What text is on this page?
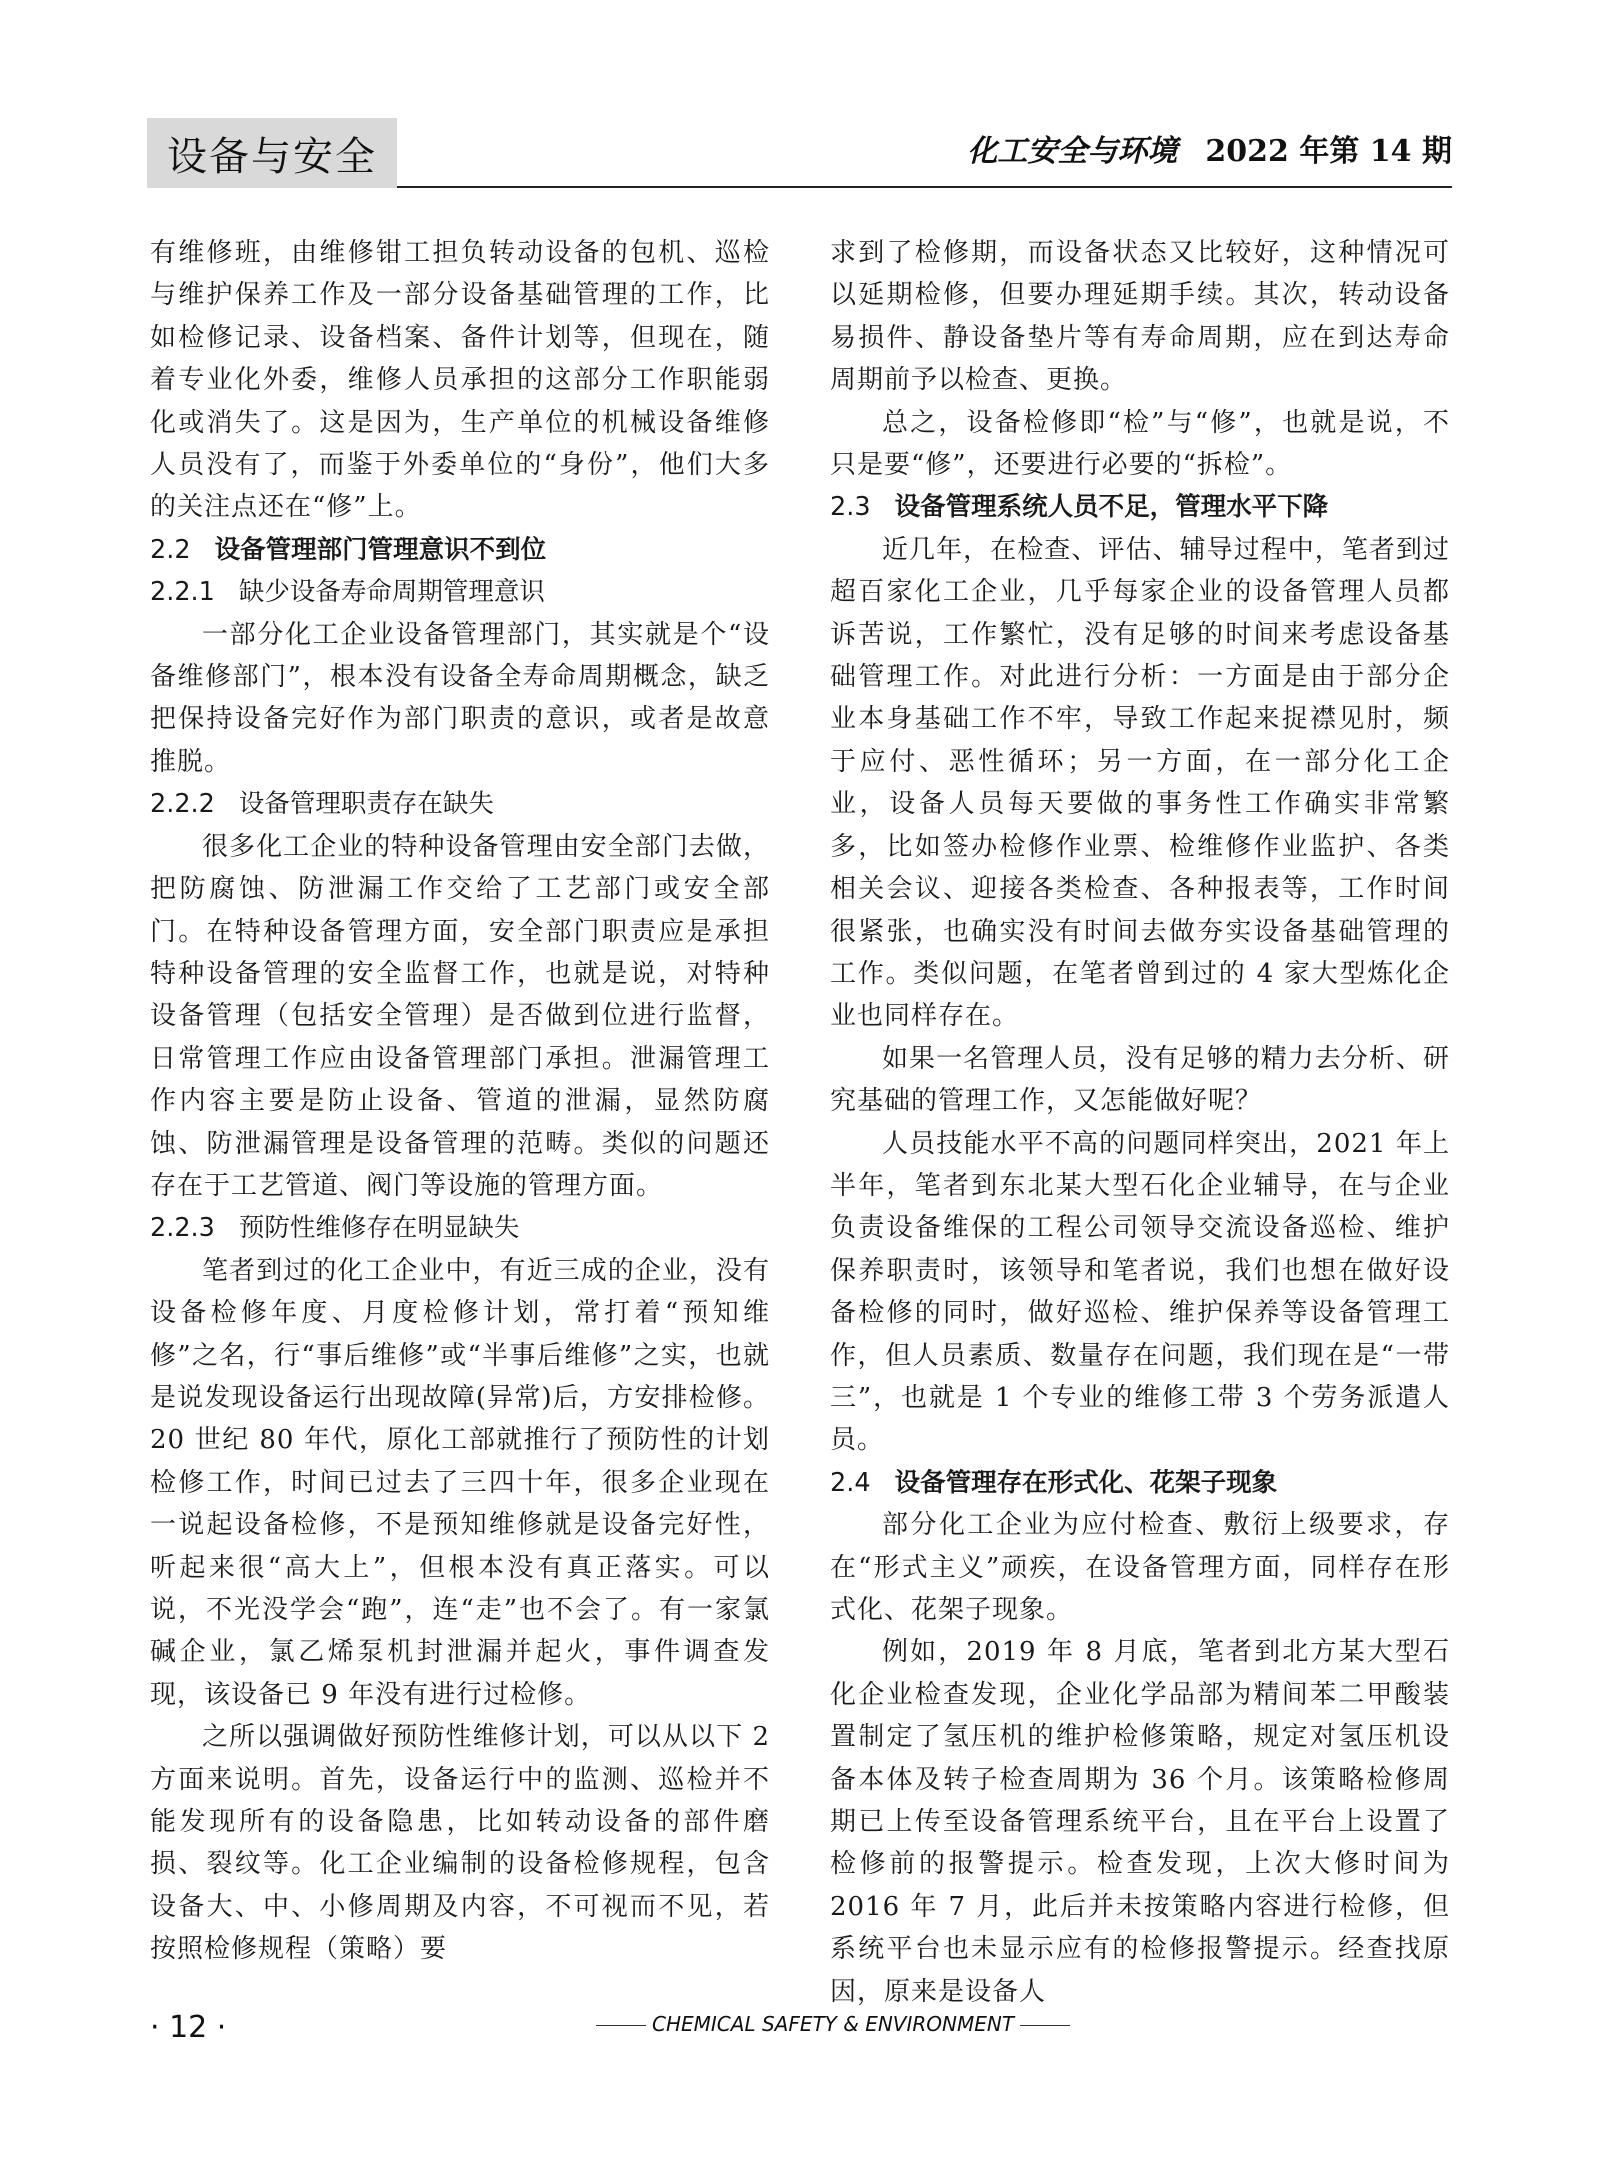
设备与安全	化工安全与环境 2022 年第 14 期

有维修班，由维修钳工担负转动设备的包机、巡检与维护保养工作及一部分设备基础管理的工作，比如检修记录、设备档案、备件计划等，但现在，随着专业化外委，维修人员承担的这部分工作职能弱化或消失了。这是因为，生产单位的机械设备维修人员没有了，而鉴于外委单位的“身份”，他们大多的关注点还在“修”上。

2.2 设备管理部门管理意识不到位
2.2.1 缺少设备寿命周期管理意识

一部分化工企业设备管理部门，其实就是个“设备维修部门”，根本没有设备全寿命周期概念，缺乏把保持设备完好作为部门职责的意识，或者是故意推脱。

2.2.2 设备管理职责存在缺失

很多化工企业的特种设备管理由安全部门去做，把防腐蚀、防泄漏工作交给了工艺部门或安全部门。在特种设备管理方面，安全部门职责应是承担特种设备管理的安全监督工作，也就是说，对特种设备管理（包括安全管理）是否做到位进行监督，日常管理工作应由设备管理部门承担。泄漏管理工作内容主要是防止设备、管道的泄漏，显然防腐蚀、防泄漏管理是设备管理的范畴。类似的问题还存在于工艺管道、阀门等设施的管理方面。

2.2.3 预防性维修存在明显缺失

笔者到过的化工企业中，有近三成的企业，没有设备检修年度、月度检修计划，常打着“预知维修”之名，行“事后维修”或“半事后维修”之实，也就是说发现设备运行出现故障(异常)后，方安排检修。20 世纪 80 年代，原化工部就推行了预防性的计划检修工作，时间已过去了三四十年，很多企业现在一说起设备检修，不是预知维修就是设备完好性，听起来很“高大上”，但根本没有真正落实。可以说，不光没学会“跑”，连“走”也不会了。有一家氯碱企业，氯乙烯泵机封泄漏并起火，事件调查发现，该设备已 9 年没有进行过检修。

之所以强调做好预防性维修计划，可以从以下 2 方面来说明。首先，设备运行中的监测、巡检并不能发现所有的设备隐患，比如转动设备的部件磨损、裂纹等。化工企业编制的设备检修规程，包含设备大、中、小修周期及内容，不可视而不见，若按照检修规程（策略）要

求到了检修期，而设备状态又比较好，这种情况可以延期检修，但要办理延期手续。其次，转动设备易损件、静设备垫片等有寿命周期，应在到达寿命周期前予以检查、更换。

总之，设备检修即“检”与“修”，也就是说，不只是要“修”，还要进行必要的“拆检”。

2.3 设备管理系统人员不足，管理水平下降

近几年，在检查、评估、辅导过程中，笔者到过超百家化工企业，几乎每家企业的设备管理人员都诉苦说，工作繁忙，没有足够的时间来考虑设备基础管理工作。对此进行分析：一方面是由于部分企业本身基础工作不牢，导致工作起来捉襟见肘，频于应付、恶性循环；另一方面，在一部分化工企业，设备人员每天要做的事务性工作确实非常繁多，比如签办检修作业票、检维修作业监护、各类相关会议、迎接各类检查、各种报表等，工作时间很紧张，也确实没有时间去做夯实设备基础管理的工作。类似问题，在笔者曾到过的 4 家大型炼化企业也同样存在。

如果一名管理人员，没有足够的精力去分析、研究基础的管理工作，又怎能做好呢？

人员技能水平不高的问题同样突出，2021 年上半年，笔者到东北某大型石化企业辅导，在与企业负责设备维保的工程公司领导交流设备巡检、维护保养职责时，该领导和笔者说，我们也想在做好设备检修的同时，做好巡检、维护保养等设备管理工作，但人员素质、数量存在问题，我们现在是“一带三”，也就是 1 个专业的维修工带 3 个劳务派遣人员。

2.4 设备管理存在形式化、花架子现象

部分化工企业为应付检查、敷衍上级要求，存在“形式主义”顽疾，在设备管理方面，同样存在形式化、花架子现象。

例如，2019 年 8 月底，笔者到北方某大型石化企业检查发现，企业化学品部为精间苯二甲酸装置制定了氢压机的维护检修策略，规定对氢压机设备本体及转子检查周期为 36 个月。该策略检修周期已上传至设备管理系统平台，且在平台上设置了检修前的报警提示。检查发现，上次大修时间为 2016 年 7 月，此后并未按策略内容进行检修，但系统平台也未显示应有的检修报警提示。经查找原因，原来是设备人

· 12 ·	CHEMICAL SAFETY & ENVIRONMENT
